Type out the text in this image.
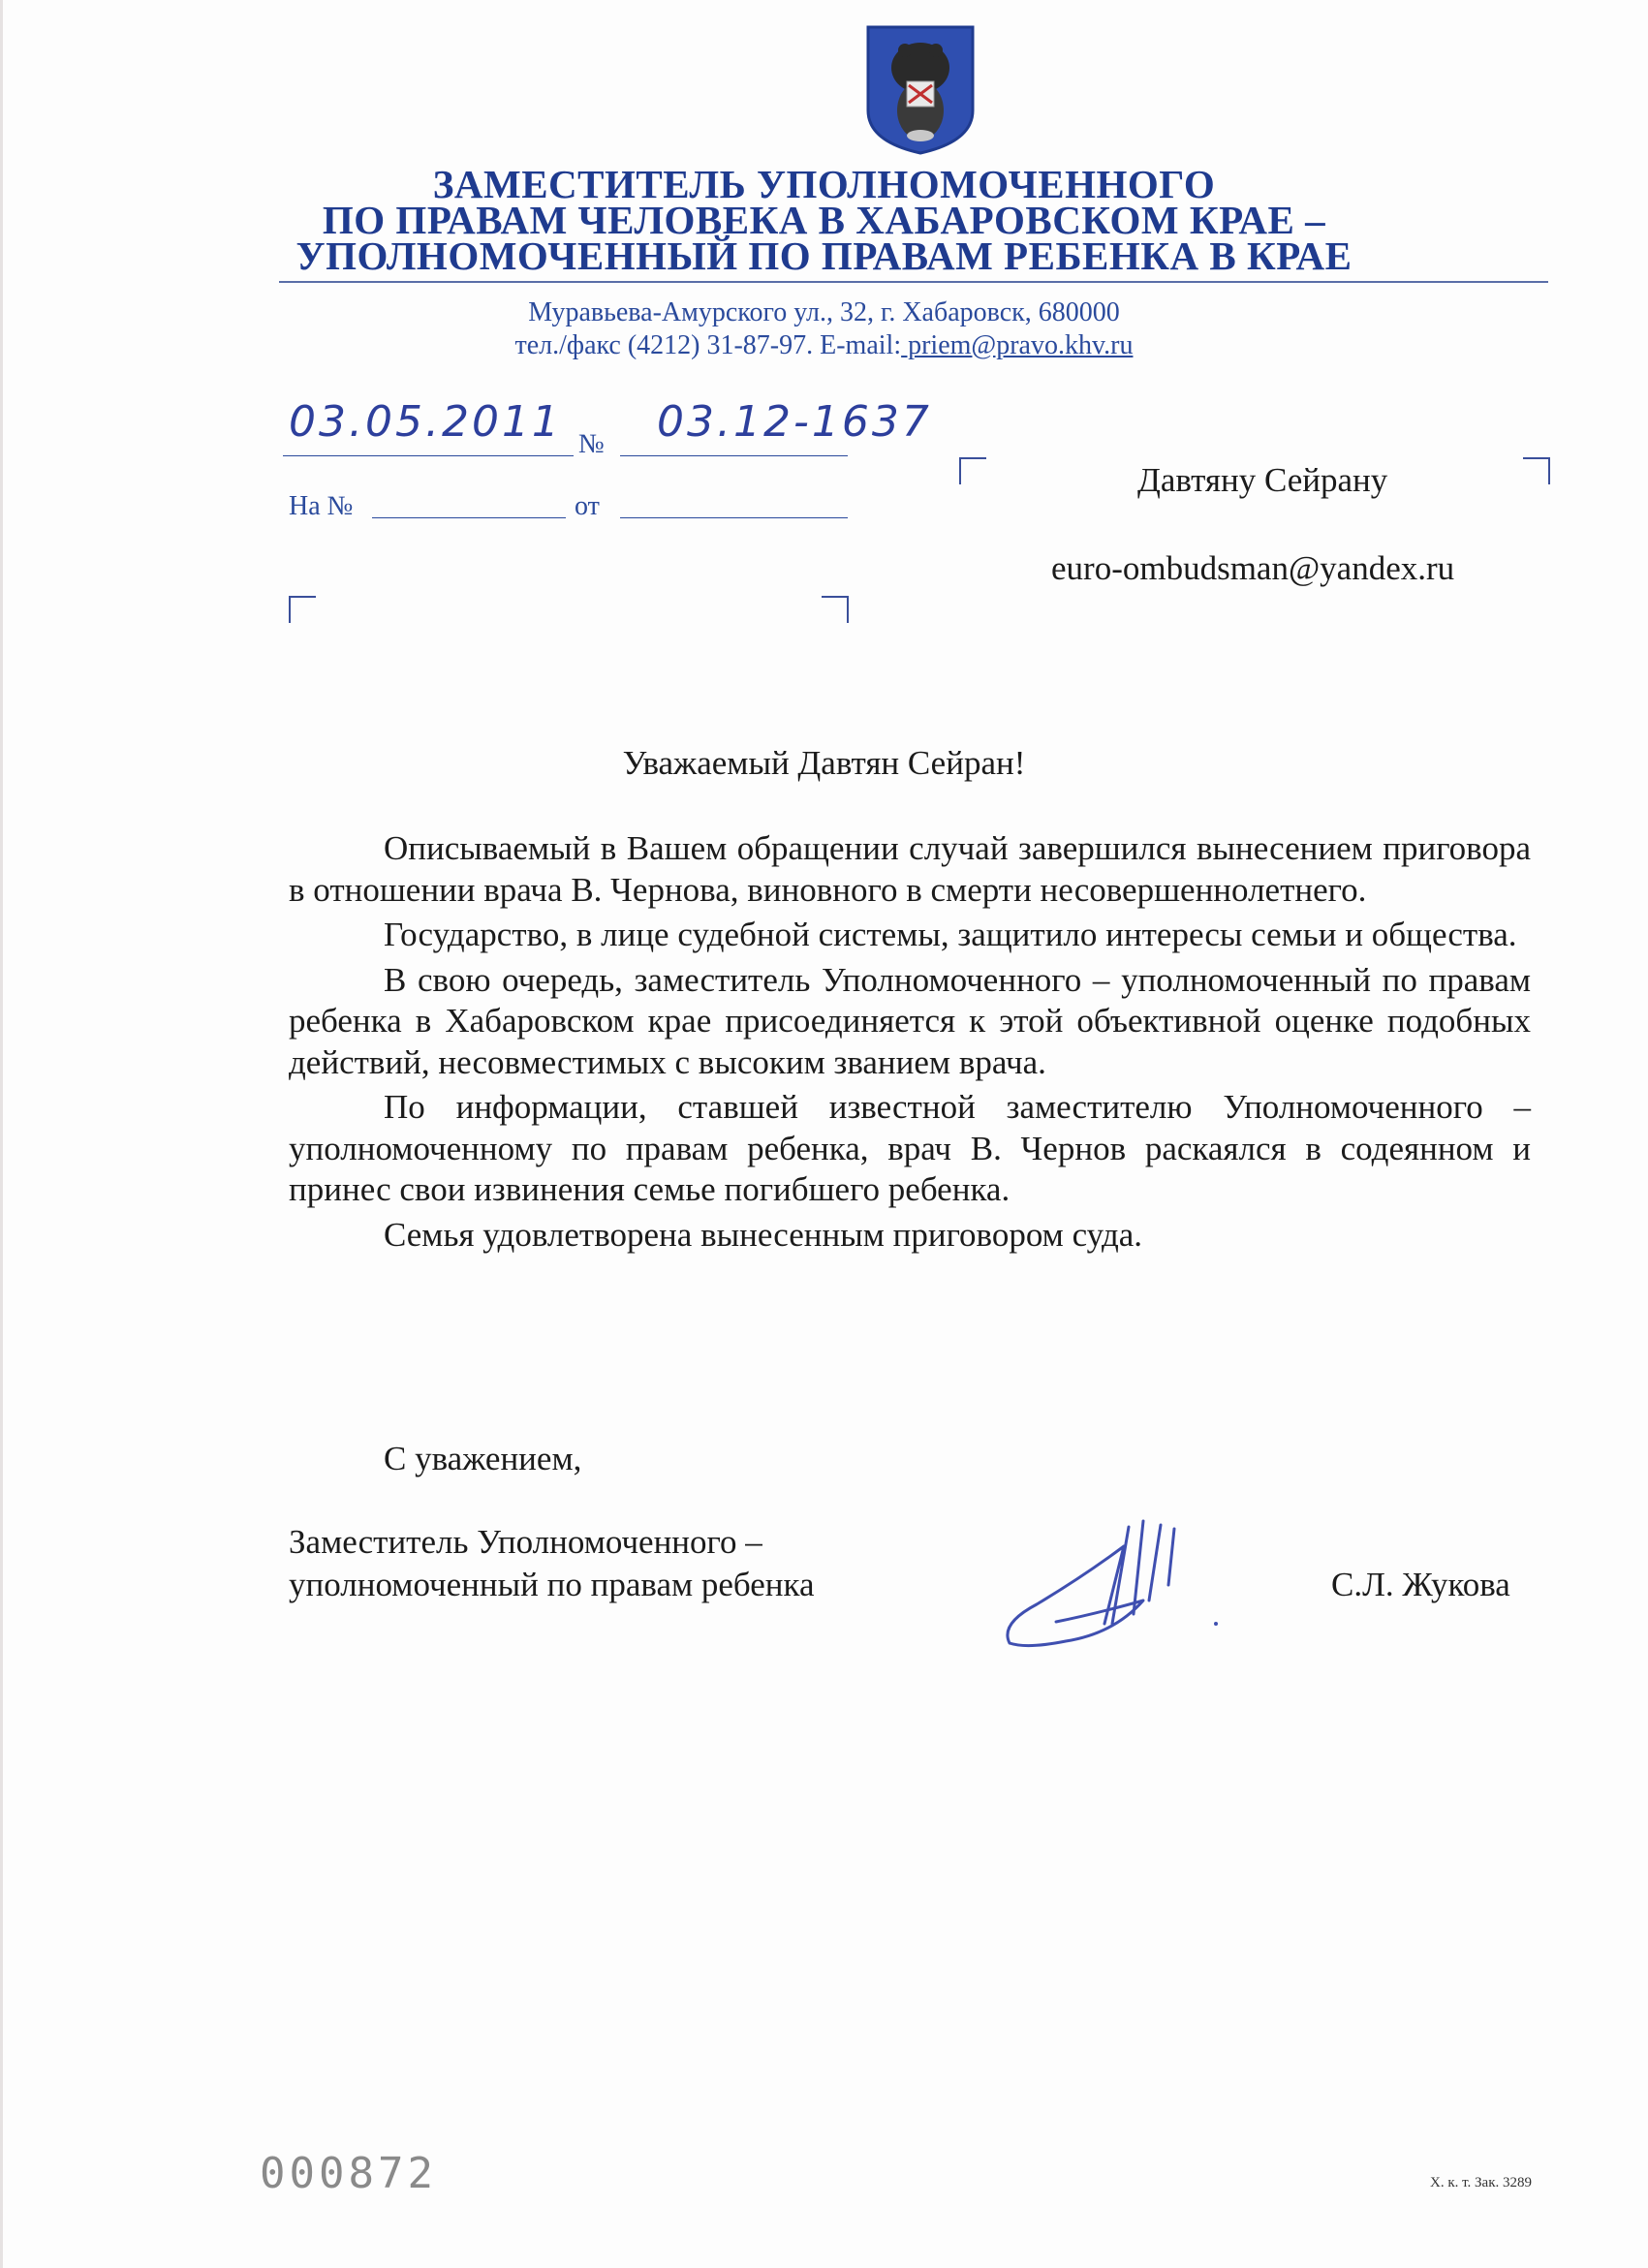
ЗАМЕСТИТЕЛЬ УПОЛНОМОЧЕННОГО
ПО ПРАВАМ ЧЕЛОВЕКА В ХАБАРОВСКОМ КРАЕ –
УПОЛНОМОЧЕННЫЙ ПО ПРАВАМ РЕБЕНКА В КРАЕ
Муравьева-Амурского ул., 32, г. Хабаровск, 680000
тел./факс (4212) 31-87-97. E-mail: priem@pravo.khv.ru
03.05.2011 № 03.12-1637
На №	от
Давтяну Сейрану
euro-ombudsman@yandex.ru
Уважаемый Давтян Сейран!

Описываемый в Вашем обращении случай завершился вынесением приговора в отношении врача В. Чернова, виновного в смерти несовершеннолетнего.

Государство, в лице судебной системы, защитило интересы семьи и общества.

В свою очередь, заместитель Уполномоченного – уполномоченный по правам ребенка в Хабаровском крае присоединяется к этой объективной оценке подобных действий, несовместимых с высоким званием врача.

По информации, ставшей известной заместителю Уполномоченного – уполномоченному по правам ребенка, врач В. Чернов раскаялся в содеянном и принес свои извинения семье погибшего ребенка.

Семья удовлетворена вынесенным приговором суда.

С уважением,
Заместитель Уполномоченного –
уполномоченный по правам ребенка	С.Л. Жукова
000872	Х. к. т. Зак. 3289
